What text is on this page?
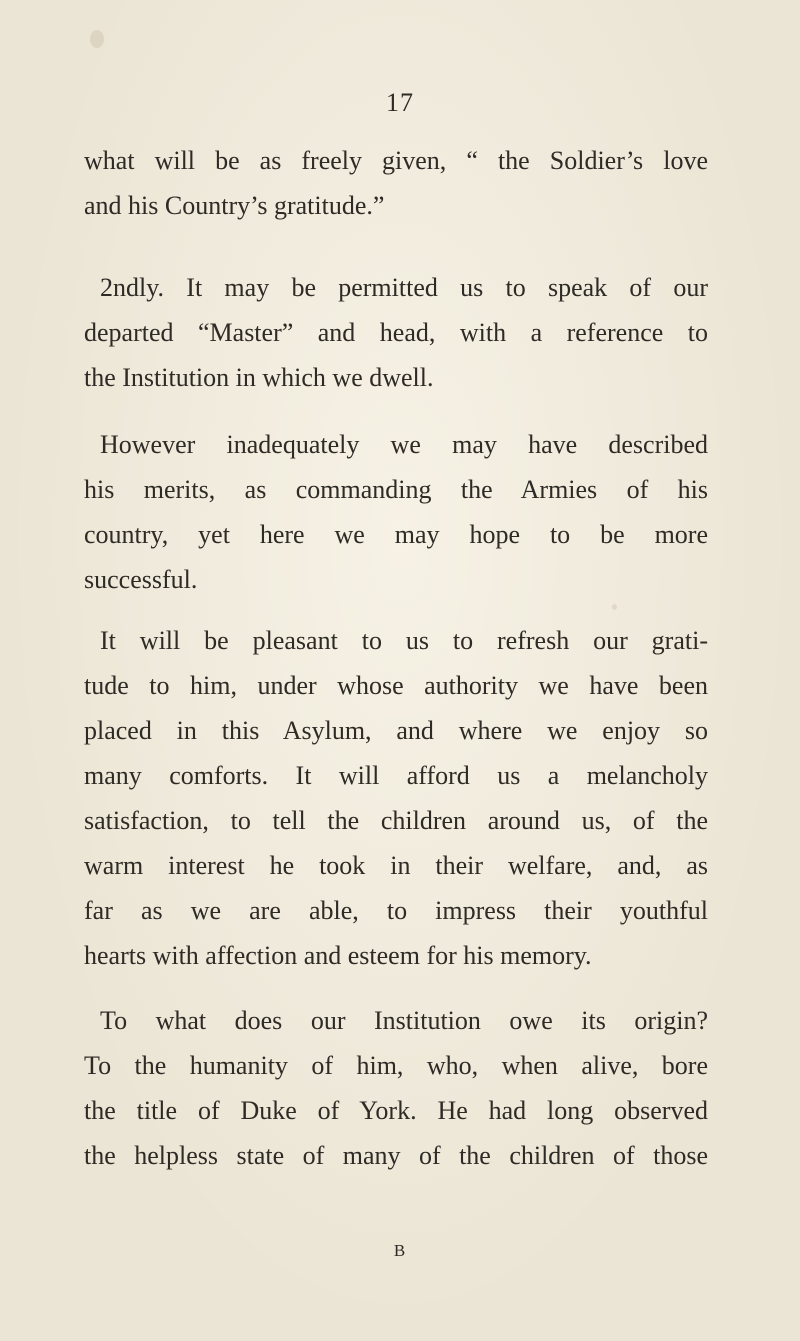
17
what will be as freely given, “ the Soldier’s love
and his Country’s gratitude.”
2ndly. It may be permitted us to speak of our
departed “Master” and head, with a reference to
the Institution in which we dwell.
However inadequately we may have described
his merits, as commanding the Armies of his
country, yet here we may hope to be more
successful.
It will be pleasant to us to refresh our grati-
tude to him, under whose authority we have been
placed in this Asylum, and where we enjoy so
many comforts. It will afford us a melancholy
satisfaction, to tell the children around us, of the
warm interest he took in their welfare, and, as
far as we are able, to impress their youthful
hearts with affection and esteem for his memory.
To what does our Institution owe its origin?
To the humanity of him, who, when alive, bore
the title of Duke of York. He had long observed
the helpless state of many of the children of those
B
